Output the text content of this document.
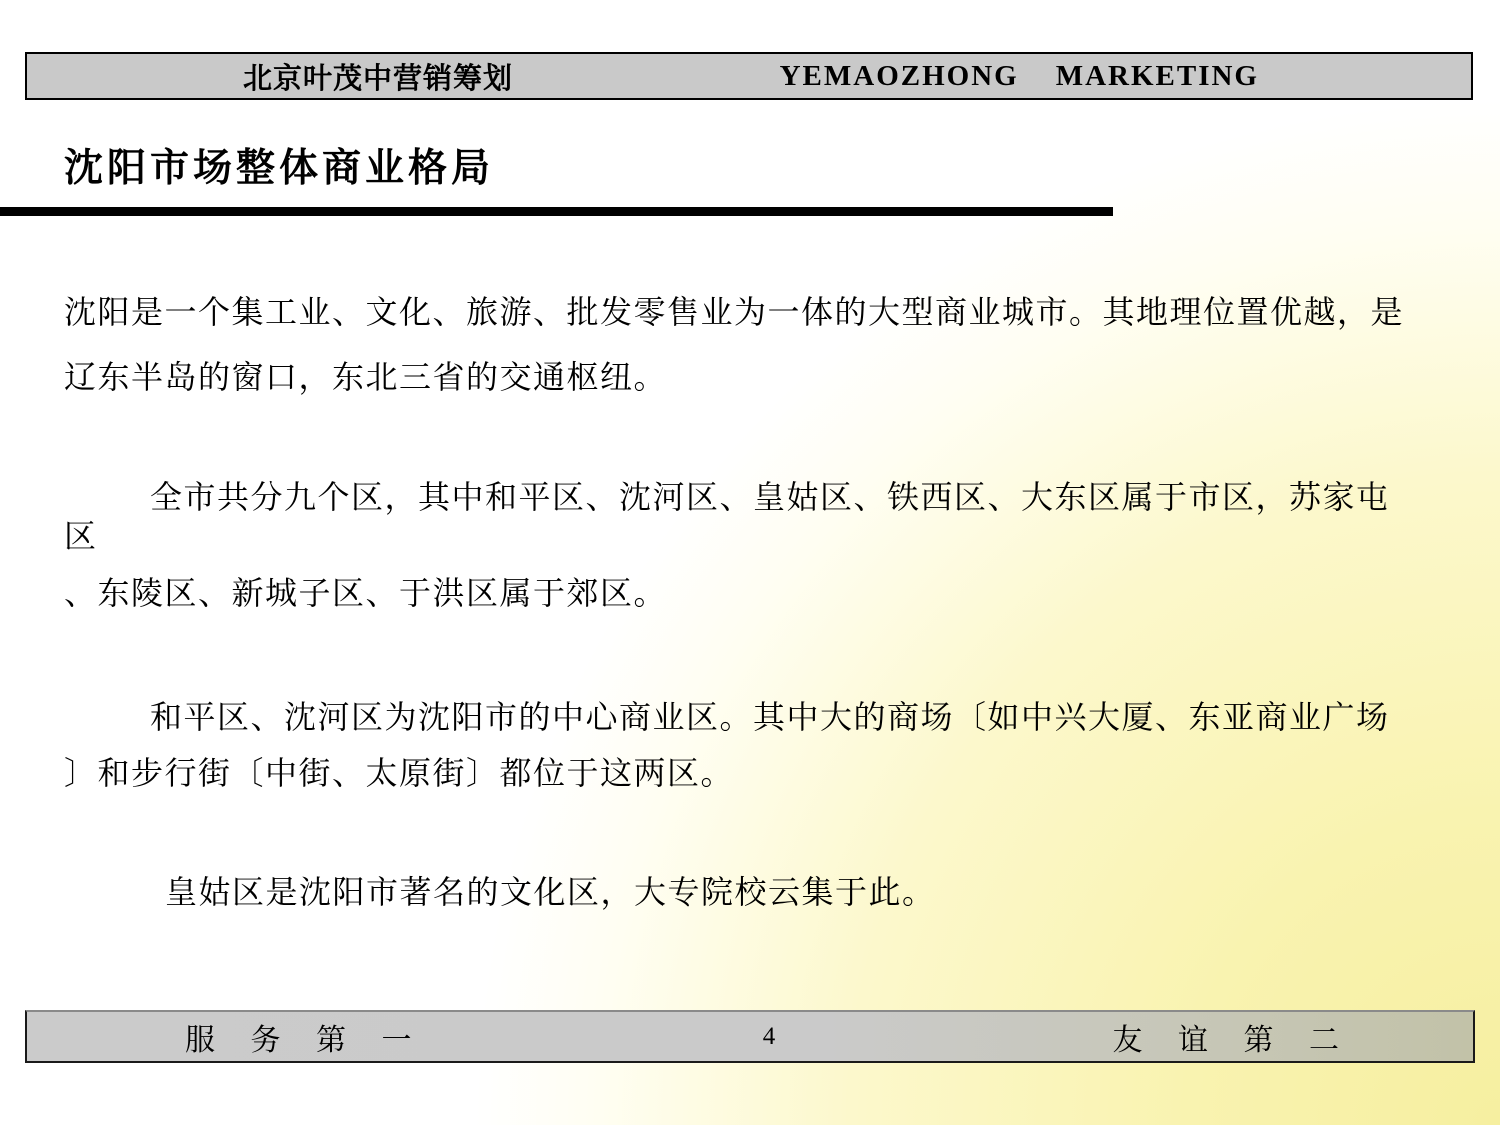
北京叶茂中营销筹划	YEMAOZHONG    MARKETING
沈阳市场整体商业格局
沈阳是一个集工业、文化、旅游、批发零售业为一体的大型商业城市。其地理位置优越，是
辽东半岛的窗口，东北三省的交通枢纽。
全市共分九个区，其中和平区、沈河区、皇姑区、铁西区、大东区属于市区，苏家屯
区
、东陵区、新城子区、于洪区属于郊区。
和平区、沈河区为沈阳市的中心商业区。其中大的商场〔如中兴大厦、东亚商业广场
〕和步行街〔中街、太原街〕都位于这两区。
皇姑区是沈阳市著名的文化区，大专院校云集于此。
服 务 第 一	4	友 谊 第 二
